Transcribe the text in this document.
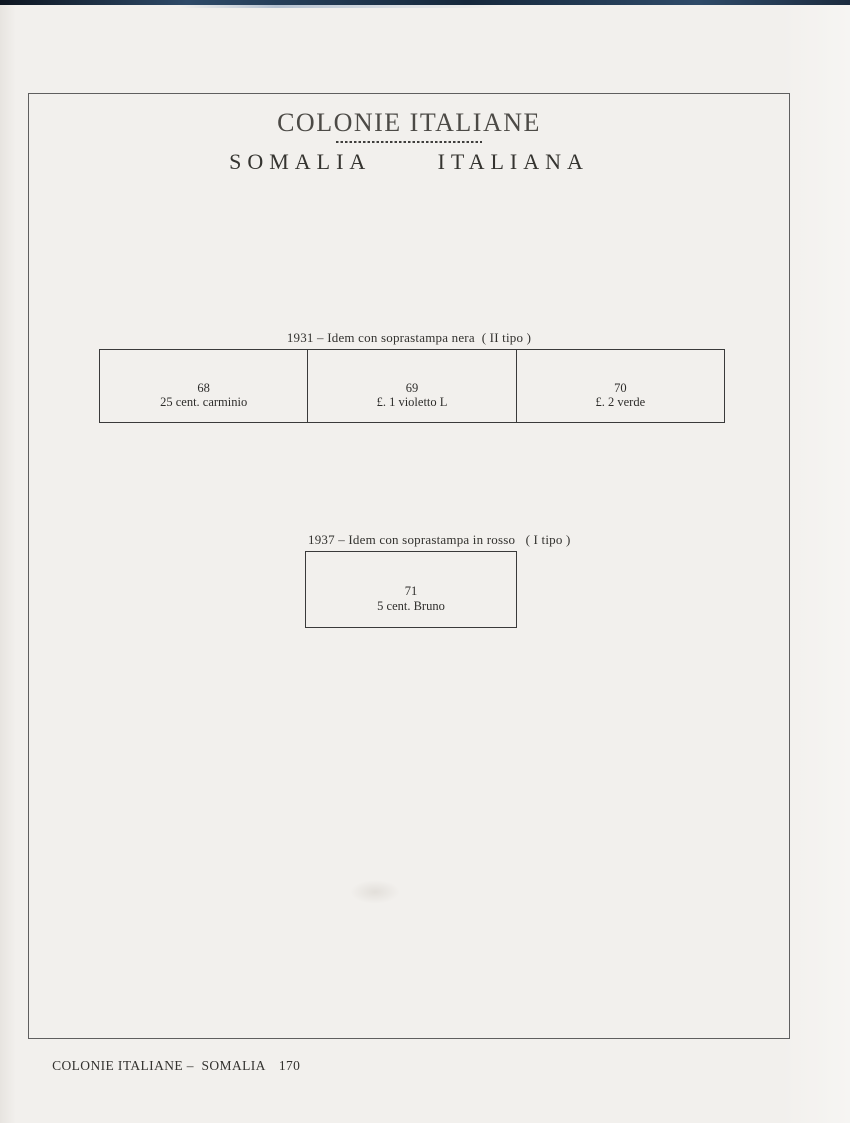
COLONIE ITALIANE
SOMALIA   ITALIANA
1931 – Idem con soprastampa nera  ( II tipo )
68
25 cent. carminio
69
£. 1 violetto L
70
£. 2 verde
1937 – Idem con soprastampa in rosso   ( I tipo )
71
5 cent. Bruno

COLONIE ITALIANE –  SOMALIA 170
